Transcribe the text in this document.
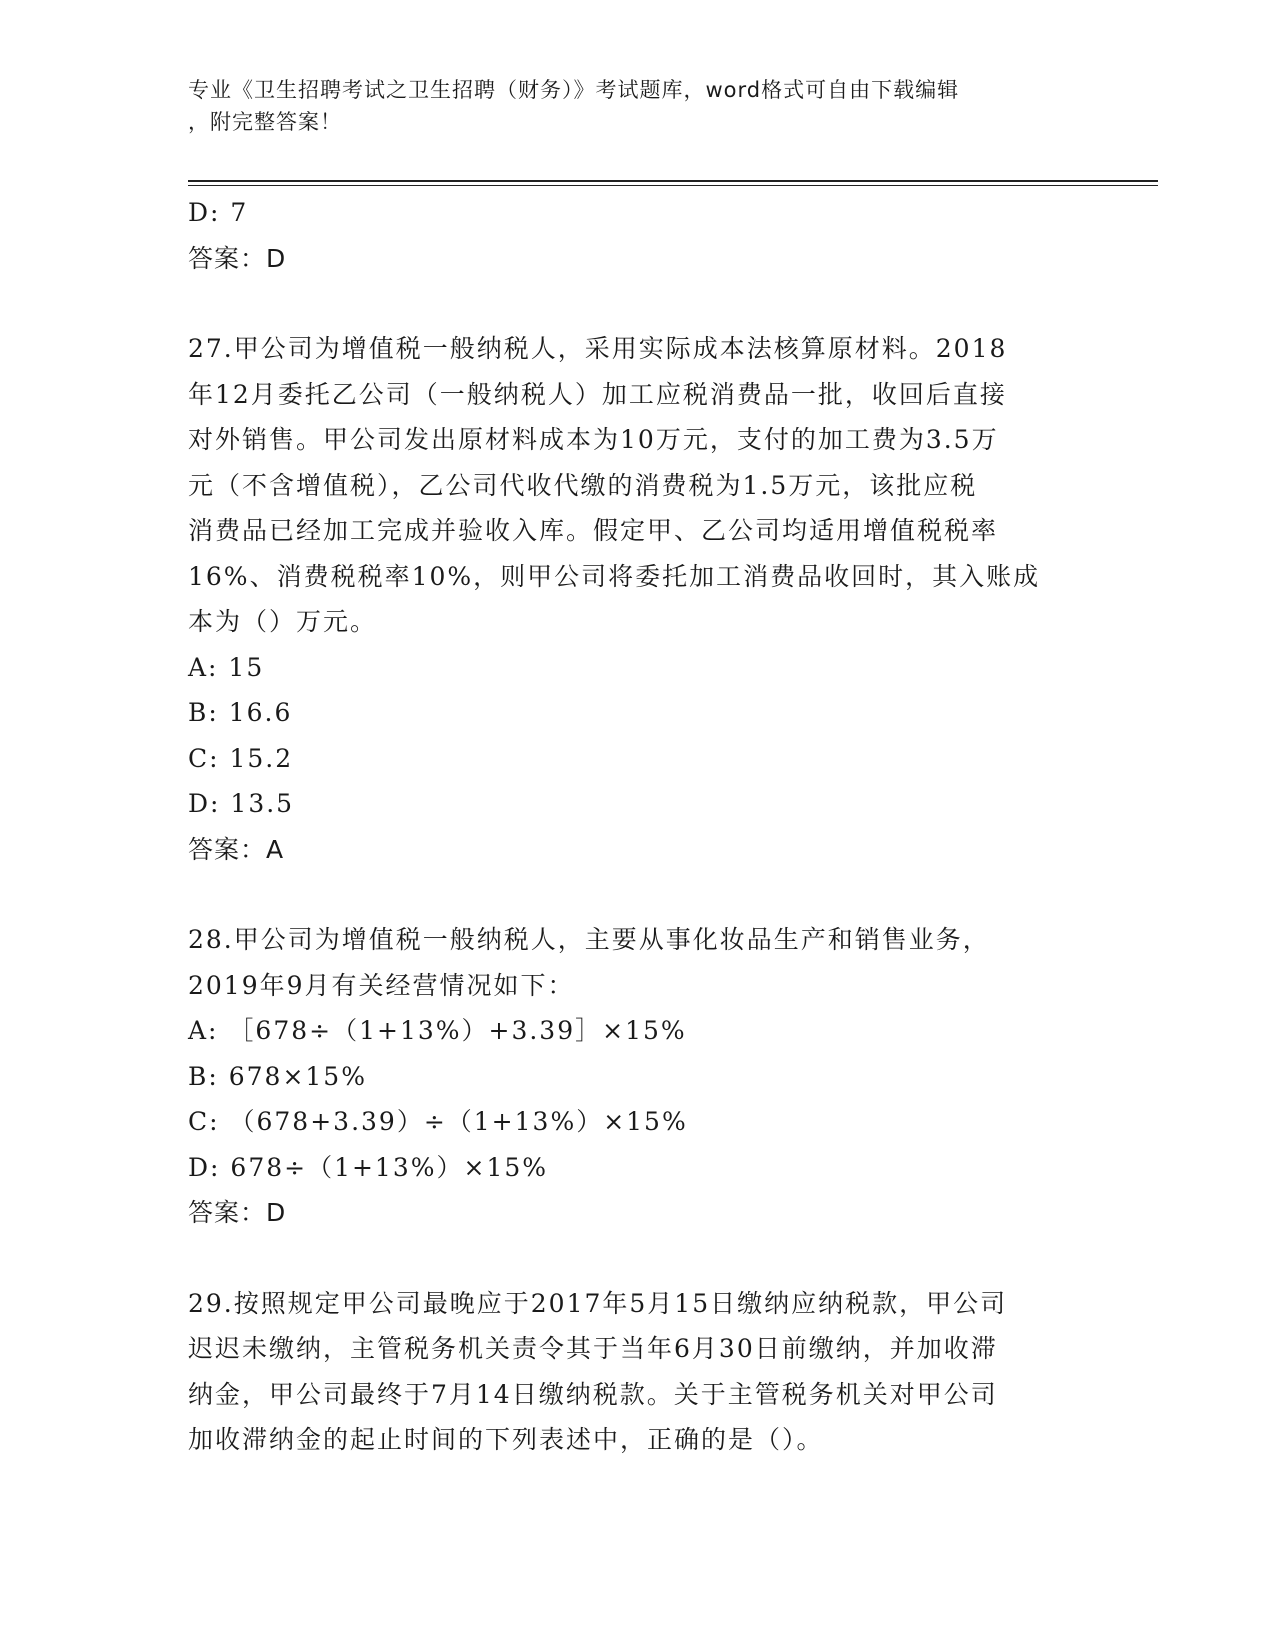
专业《卫生招聘考试之卫生招聘（财务）》考试题库，word格式可自由下载编辑
，附完整答案！
D: 7
答案：D
27.甲公司为增值税一般纳税人，采用实际成本法核算原材料。2018
年12月委托乙公司（一般纳税人）加工应税消费品一批，收回后直接
对外销售。甲公司发出原材料成本为10万元，支付的加工费为3.5万
元（不含增值税），乙公司代收代缴的消费税为1.5万元，该批应税
消费品已经加工完成并验收入库。假定甲、乙公司均适用增值税税率
16%、消费税税率10%，则甲公司将委托加工消费品收回时，其入账成
本为（）万元。
A: 15
B: 16.6
C: 15.2
D: 13.5
答案：A
28.甲公司为增值税一般纳税人，主要从事化妆品生产和销售业务，
2019年9月有关经营情况如下：
A: ［678÷（1+13%）+3.39］×15%
B: 678×15%
C: （678+3.39）÷（1+13%）×15%
D: 678÷（1+13%）×15%
答案：D
29.按照规定甲公司最晚应于2017年5月15日缴纳应纳税款，甲公司
迟迟未缴纳，主管税务机关责令其于当年6月30日前缴纳，并加收滞
纳金，甲公司最终于7月14日缴纳税款。关于主管税务机关对甲公司
加收滞纳金的起止时间的下列表述中，正确的是（）。
